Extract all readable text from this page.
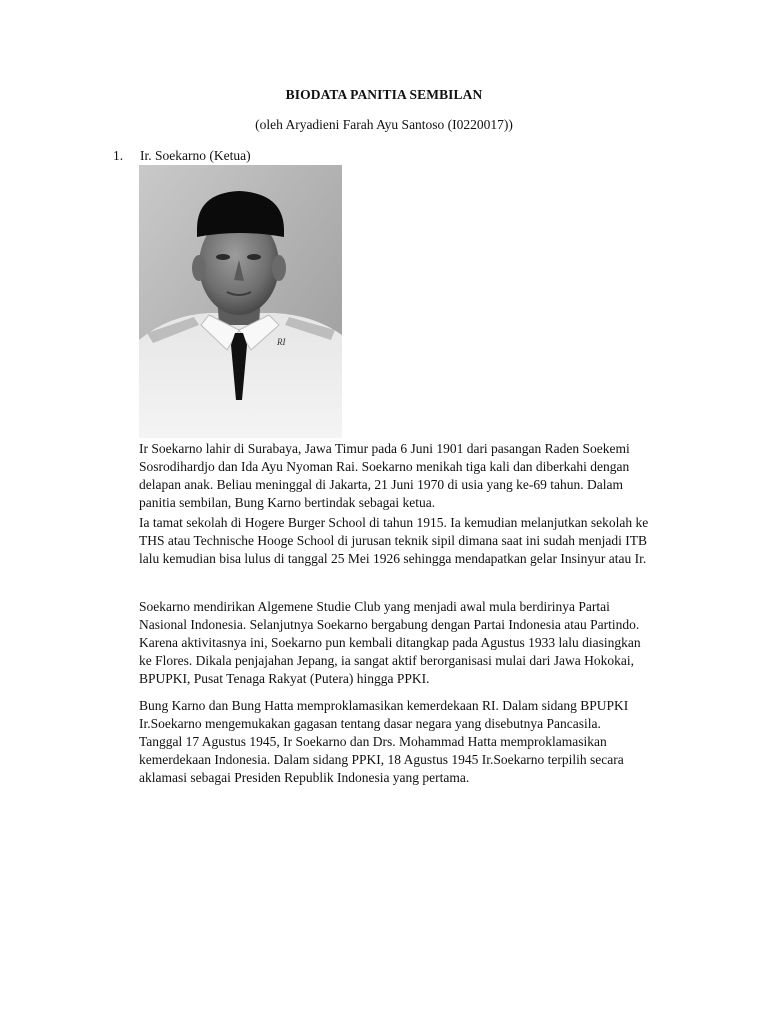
BIODATA PANITIA SEMBILAN
(oleh Aryadieni Farah Ayu Santoso (I0220017))
1. Ir. Soekarno (Ketua)
RI
Ir Soekarno lahir di Surabaya, Jawa Timur pada 6 Juni 1901 dari pasangan Raden Soekemi
Sosrodihardjo dan Ida Ayu Nyoman Rai. Soekarno menikah tiga kali dan diberkahi dengan
delapan anak. Beliau meninggal di Jakarta, 21 Juni 1970 di usia yang ke-69 tahun. Dalam
panitia sembilan, Bung Karno bertindak sebagai ketua.
Ia tamat sekolah di Hogere Burger School di tahun 1915. Ia kemudian melanjutkan sekolah ke
THS atau Technische Hooge School di jurusan teknik sipil dimana saat ini sudah menjadi ITB
lalu kemudian bisa lulus di tanggal 25 Mei 1926 sehingga mendapatkan gelar Insinyur atau Ir.
Soekarno mendirikan Algemene Studie Club yang menjadi awal mula berdirinya Partai
Nasional Indonesia. Selanjutnya Soekarno bergabung dengan Partai Indonesia atau Partindo.
Karena aktivitasnya ini, Soekarno pun kembali ditangkap pada Agustus 1933 lalu diasingkan
ke Flores. Dikala penjajahan Jepang, ia sangat aktif berorganisasi mulai dari Jawa Hokokai,
BPUPKI, Pusat Tenaga Rakyat (Putera) hingga PPKI.
Bung Karno dan Bung Hatta memproklamasikan kemerdekaan RI. Dalam sidang BPUPKI
Ir.Soekarno mengemukakan gagasan tentang dasar negara yang disebutnya Pancasila.
Tanggal 17 Agustus 1945, Ir Soekarno dan Drs. Mohammad Hatta memproklamasikan
kemerdekaan Indonesia. Dalam sidang PPKI, 18 Agustus 1945 Ir.Soekarno terpilih secara
aklamasi sebagai Presiden Republik Indonesia yang pertama.
